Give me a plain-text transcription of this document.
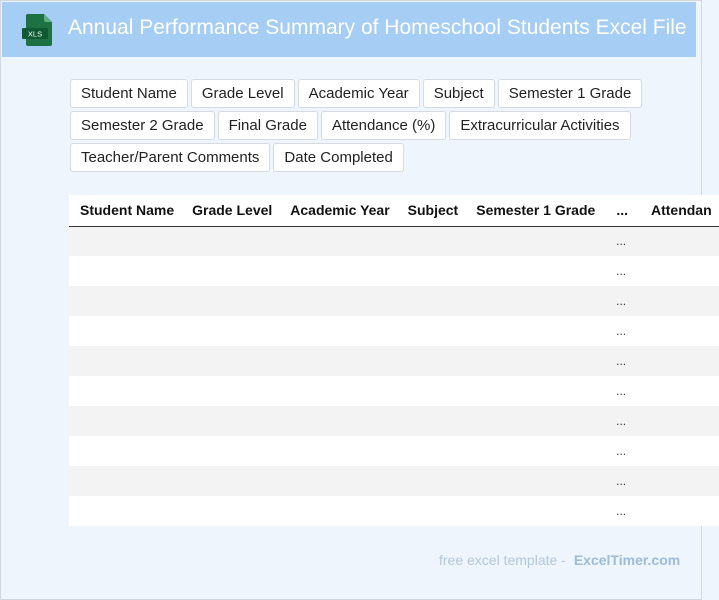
XLS Annual Performance Summary of Homeschool Students Excel File
Student Name	Grade Level	Academic Year	Subject	Semester 1 Grade
Semester 2 Grade	Final Grade	Attendance (%)	Extracurricular Activities
Teacher/Parent Comments	Date Completed
Student Name	Grade Level	Academic Year	Subject	Semester 1 Grade	...	Attendan
					...	
					...	
					...	
					...	
					...	
					...	
					...	
					...	
					...	
					...	
free excel template - ExcelTimer.com
